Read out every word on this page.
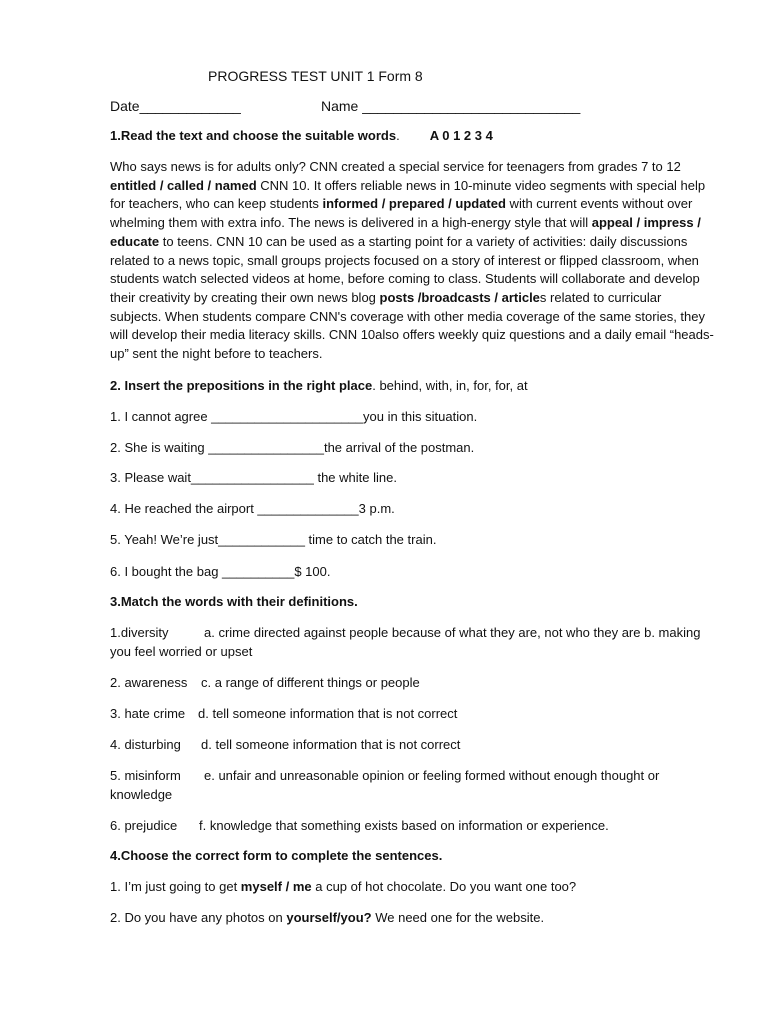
PROGRESS TEST UNIT 1 Form 8
Date_____________	Name ____________________________
1.Read the text and choose the suitable words. A 0 1 2 3 4
Who says news is for adults only? CNN created a special service for teenagers from grades 7 to 12 entitled / called / named CNN 10. It offers reliable news in 10-minute video segments with special help for teachers, who can keep students informed / prepared / updated with current events without over whelming them with extra info. The news is delivered in a high-energy style that will appeal / impress / educate to teens. CNN 10 can be used as a starting point for a variety of activities: daily discussions related to a news topic, small groups projects focused on a story of interest or flipped classroom, when students watch selected videos at home, before coming to class. Students will collaborate and develop their creativity by creating their own news blog posts /broadcasts / articles related to curricular subjects. When students compare CNN's coverage with other media coverage of the same stories, they will develop their media literacy skills. CNN 10also offers weekly quiz questions and a daily email “heads-up” sent the night before to teachers.
2. Insert the prepositions in the right place. behind, with, in, for, for, at
1. I cannot agree _____________________you in this situation.
2. She is waiting ________________the arrival of the postman.
3. Please wait_________________ the white line.
4. He reached the airport ______________3 p.m.
5. Yeah! We’re just____________ time to catch the train.
6. I bought the bag __________$ 100.
3.Match the words with their definitions.
1.diversity	a. crime directed against people because of what they are, not who they are b. making you feel worried or upset
2. awareness c. a range of different things or people
3. hate crime d. tell someone information that is not correct
4. disturbing d. tell someone information that is not correct
5. misinform e. unfair and unreasonable opinion or feeling formed without enough thought or knowledge
6. prejudice f. knowledge that something exists based on information or experience.
4.Choose the correct form to complete the sentences.
1. I’m just going to get myself / me a cup of hot chocolate. Do you want one too?
2. Do you have any photos on yourself/you? We need one for the website.
